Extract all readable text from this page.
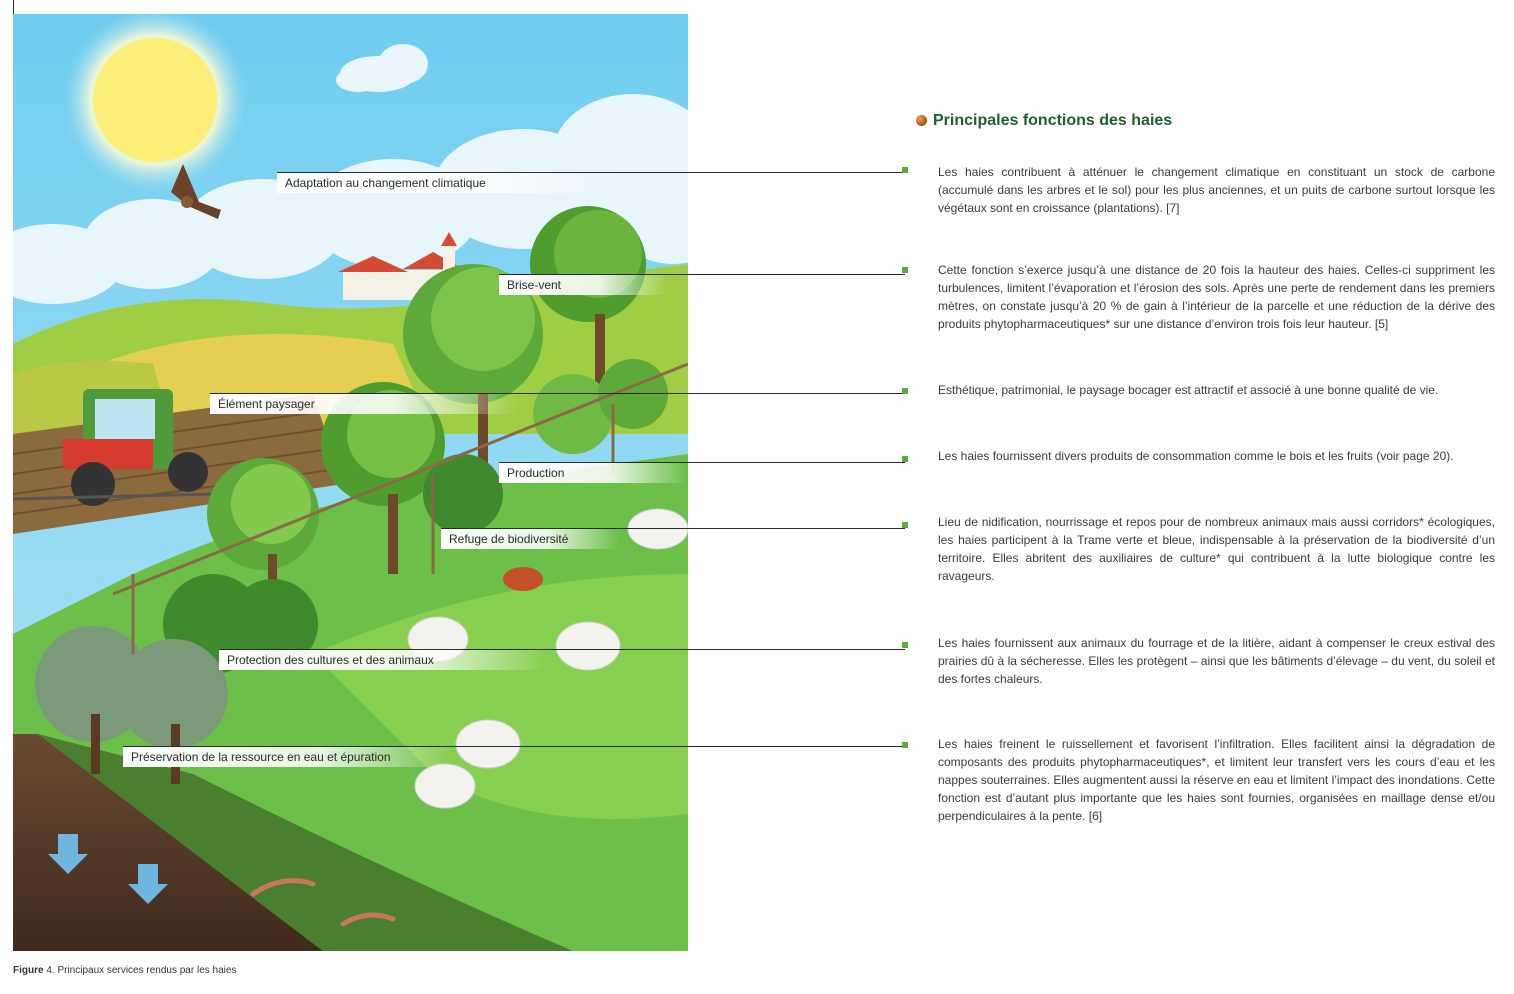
Adaptation au changement climatique
Brise-vent
Élément paysager
Production
Refuge de biodiversité
Protection des cultures et des animaux
Préservation de la ressource en eau et épuration
Principales fonctions des haies

Les haies contribuent à atténuer le changement climatique en constituant un stock de carbone (accumulé dans les arbres et le sol) pour les plus anciennes, et un puits de carbone surtout lorsque les végétaux sont en croissance (plantations). [7]

Cette fonction s’exerce jusqu’à une distance de 20 fois la hauteur des haies. Celles-ci suppriment les turbulences, limitent l’évaporation et l’érosion des sols. Après une perte de rendement dans les premiers mètres, on constate jusqu’à 20 % de gain à l’intérieur de la parcelle et une réduction de la dérive des produits phytopharmaceutiques* sur une distance d’environ trois fois leur hauteur. [5]

Esthétique, patrimonial, le paysage bocager est attractif et associé à une bonne qualité de vie.

Les haies fournissent divers produits de consommation comme le bois et les fruits (voir page 20).

Lieu de nidification, nourrissage et repos pour de nombreux animaux mais aussi corridors* écologiques, les haies participent à la Trame verte et bleue, indispensable à la préservation de la biodiversité d’un territoire. Elles abritent des auxiliaires de culture* qui contribuent à la lutte biologique contre les ravageurs.

Les haies fournissent aux animaux du fourrage et de la litière, aidant à compenser le creux estival des prairies dû à la sécheresse. Elles les protègent – ainsi que les bâtiments d’élevage – du vent, du soleil et des fortes chaleurs.

Les haies freinent le ruissellement et favorisent l’infiltration. Elles facilitent ainsi la dégradation de composants des produits phytopharmaceutiques*, et limitent leur transfert vers les cours d’eau et les nappes souterraines. Elles augmentent aussi la réserve en eau et limitent l’impact des inondations. Cette fonction est d’autant plus importante que les haies sont fournies, organisées en maillage dense et/ou perpendiculaires à la pente. [6]

Figure 4. Principaux services rendus par les haies
